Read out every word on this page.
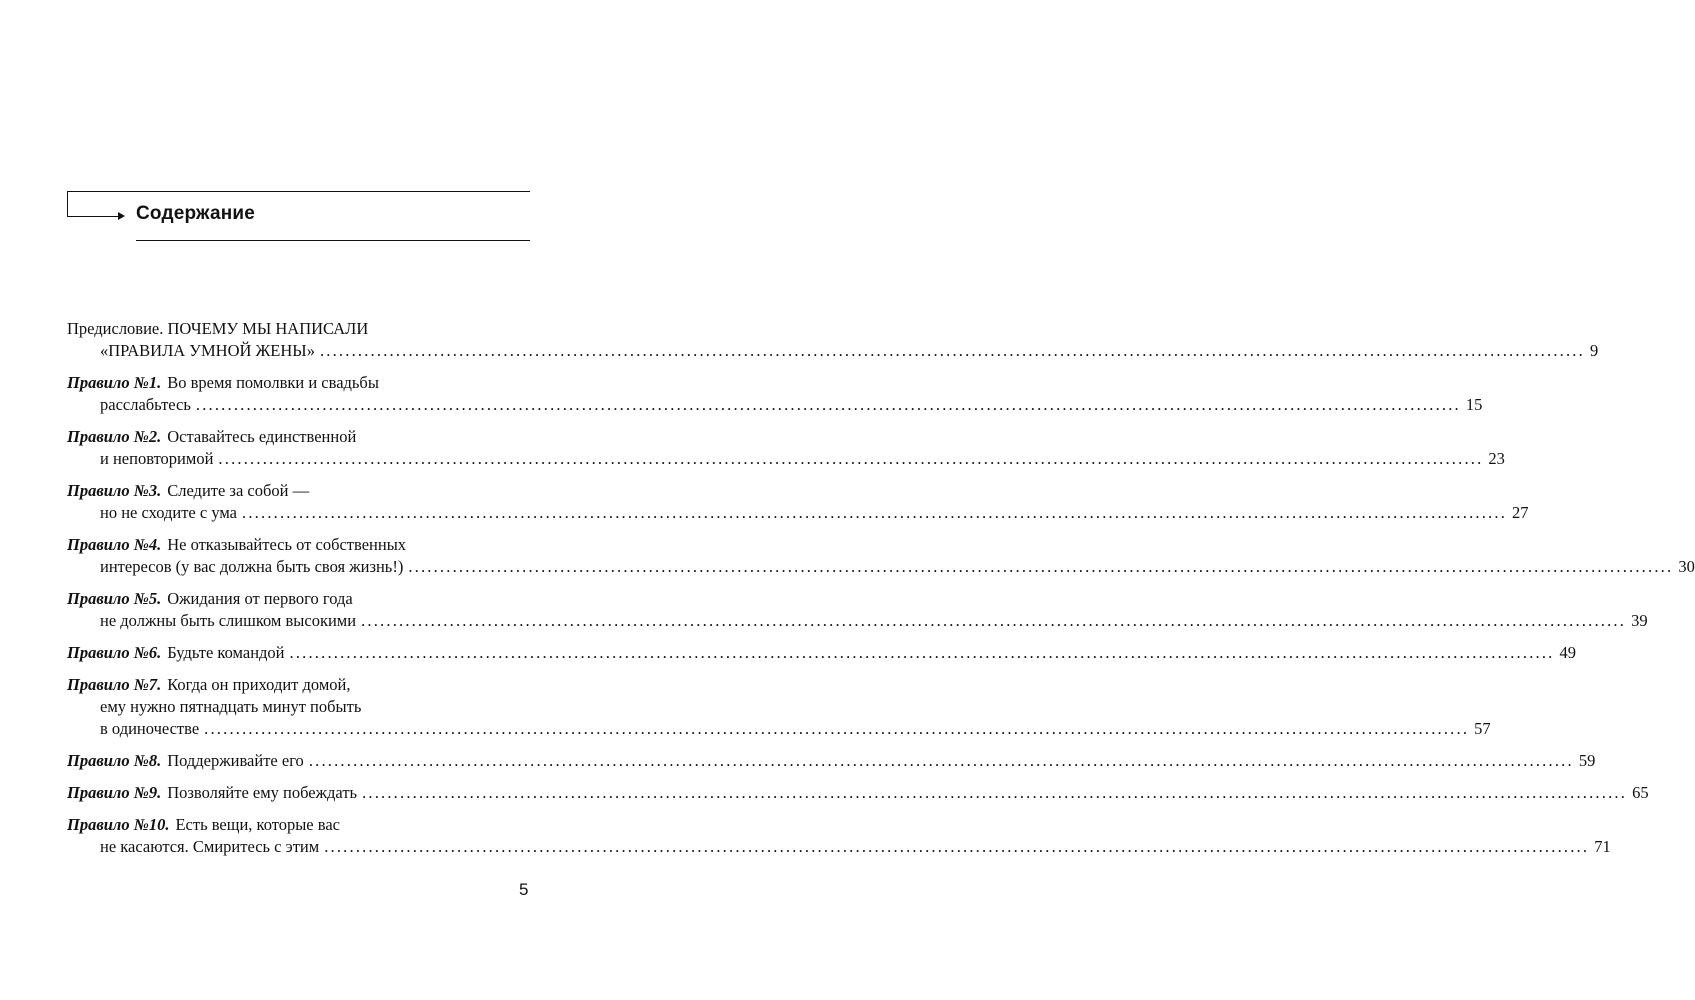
Содержание
Предисловие. ПОЧЕМУ МЫ НАПИСАЛИ
«ПРАВИЛА УМНОЙ ЖЕНЫ» ........................................................................................................................................................................................................ 9
Правило №1. Во время помолвки и свадьбы
расслабьтесь ........................................................................................................................................................................................................ 15
Правило №2. Оставайтесь единственной
и неповторимой ........................................................................................................................................................................................................ 23
Правило №3. Следите за собой —
но не сходите с ума ........................................................................................................................................................................................................ 27
Правило №4. Не отказывайтесь от собственных
интересов (у вас должна быть своя жизнь!) ........................................................................................................................................................................................................ 30
Правило №5. Ожидания от первого года
не должны быть слишком высокими ........................................................................................................................................................................................................ 39
Правило №6. Будьте командой ........................................................................................................................................................................................................ 49
Правило №7. Когда он приходит домой,
ему нужно пятнадцать минут побыть
в одиночестве ........................................................................................................................................................................................................ 57
Правило №8. Поддерживайте его ........................................................................................................................................................................................................ 59
Правило №9. Позволяйте ему побеждать ........................................................................................................................................................................................................ 65
Правило №10. Есть вещи, которые вас
не касаются. Смиритесь с этим ........................................................................................................................................................................................................ 71
5
